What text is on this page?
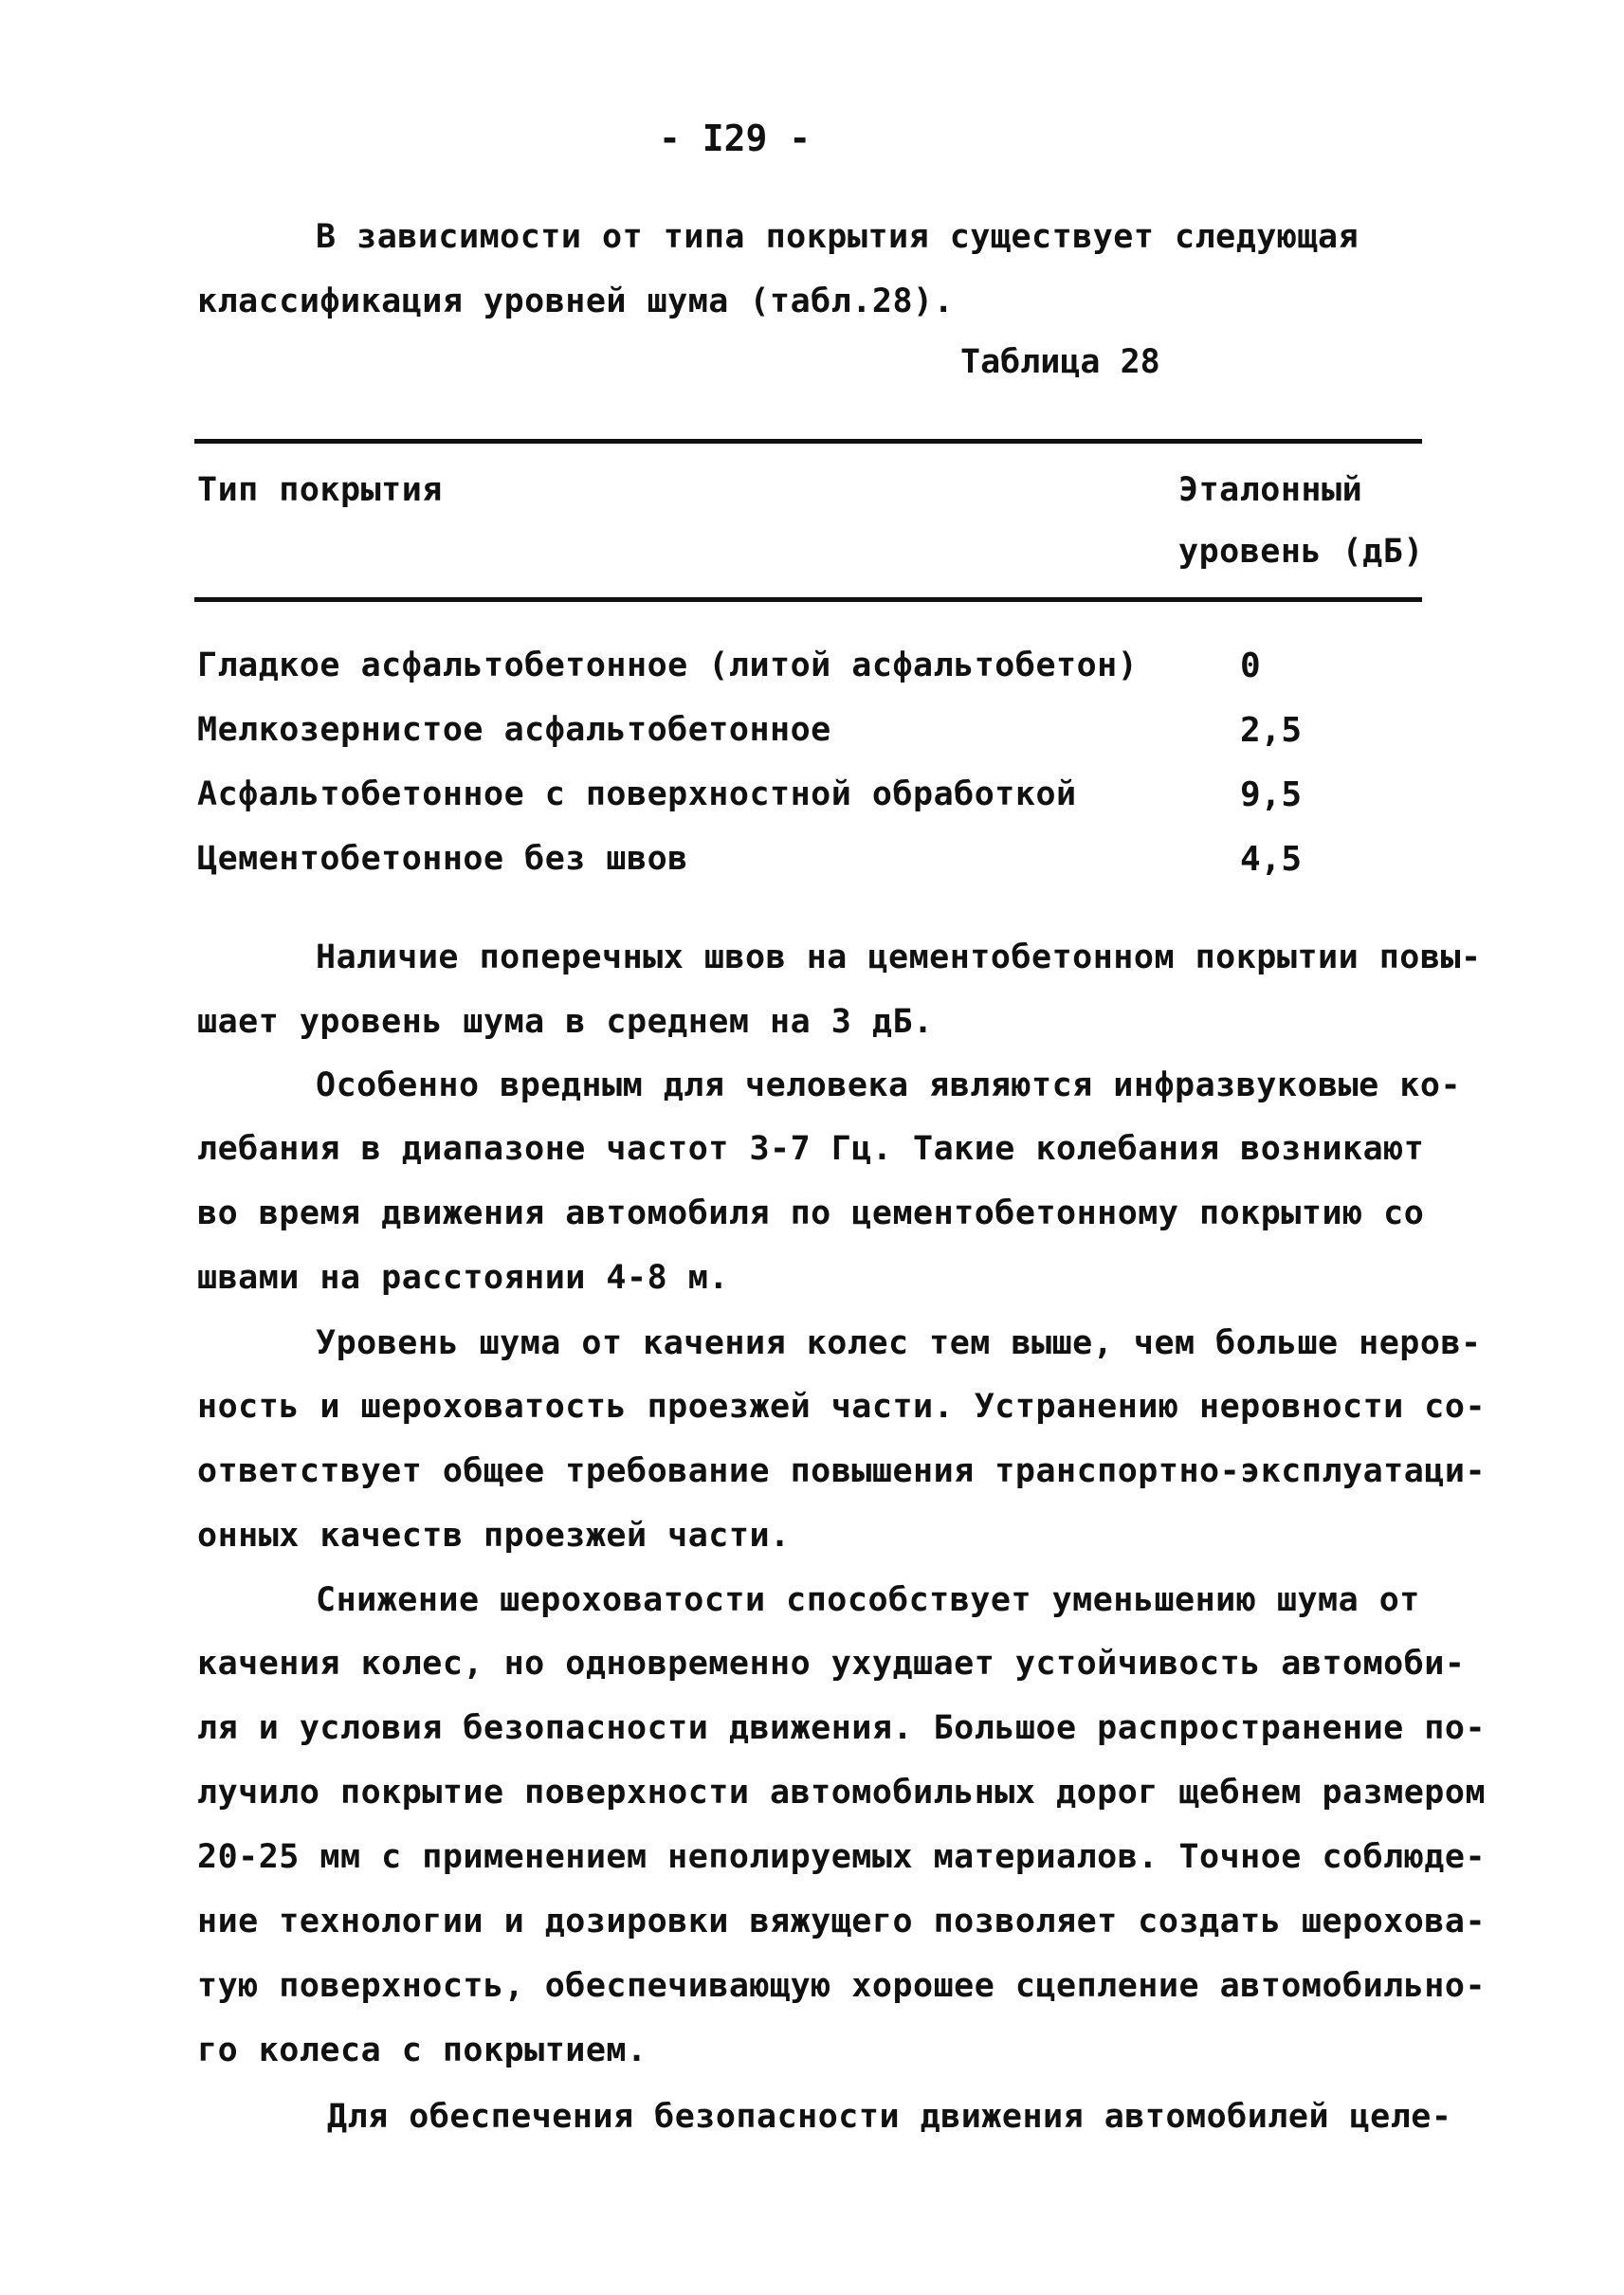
- I29 -
В зависимости от типа покрытия существует следующая
классификация уровней шума (табл.28).
Таблица 28
Тип покрытия	Эталонный
уровень (дБ)
Гладкое асфальтобетонное (литой асфальтобетон)	0
Мелкозернистое асфальтобетонное	2,5
Асфальтобетонное с поверхностной обработкой	9,5
Цементобетонное без швов	4,5
Наличие поперечных швов на цементобетонном покрытии повы-
шает уровень шума в среднем на 3 дБ.
Особенно вредным для человека являются инфразвуковые ко-
лебания в диапазоне частот 3-7 Гц. Такие колебания возникают
во время движения автомобиля по цементобетонному покрытию со
швами на расстоянии 4-8 м.
Уровень шума от качения колес тем выше, чем больше неров-
ность и шероховатость проезжей части. Устранению неровности со-
ответствует общее требование повышения транспортно-эксплуатаци-
онных качеств проезжей части.
Снижение шероховатости способствует уменьшению шума от
качения колес, но одновременно ухудшает устойчивость автомоби-
ля и условия безопасности движения. Большое распространение по-
лучило покрытие поверхности автомобильных дорог щебнем размером
20-25 мм с применением неполируемых материалов. Точное соблюде-
ние технологии и дозировки вяжущего позволяет создать шерохова-
тую поверхность, обеспечивающую хорошее сцепление автомобильно-
го колеса с покрытием.
Для обеспечения безопасности движения автомобилей целе-
